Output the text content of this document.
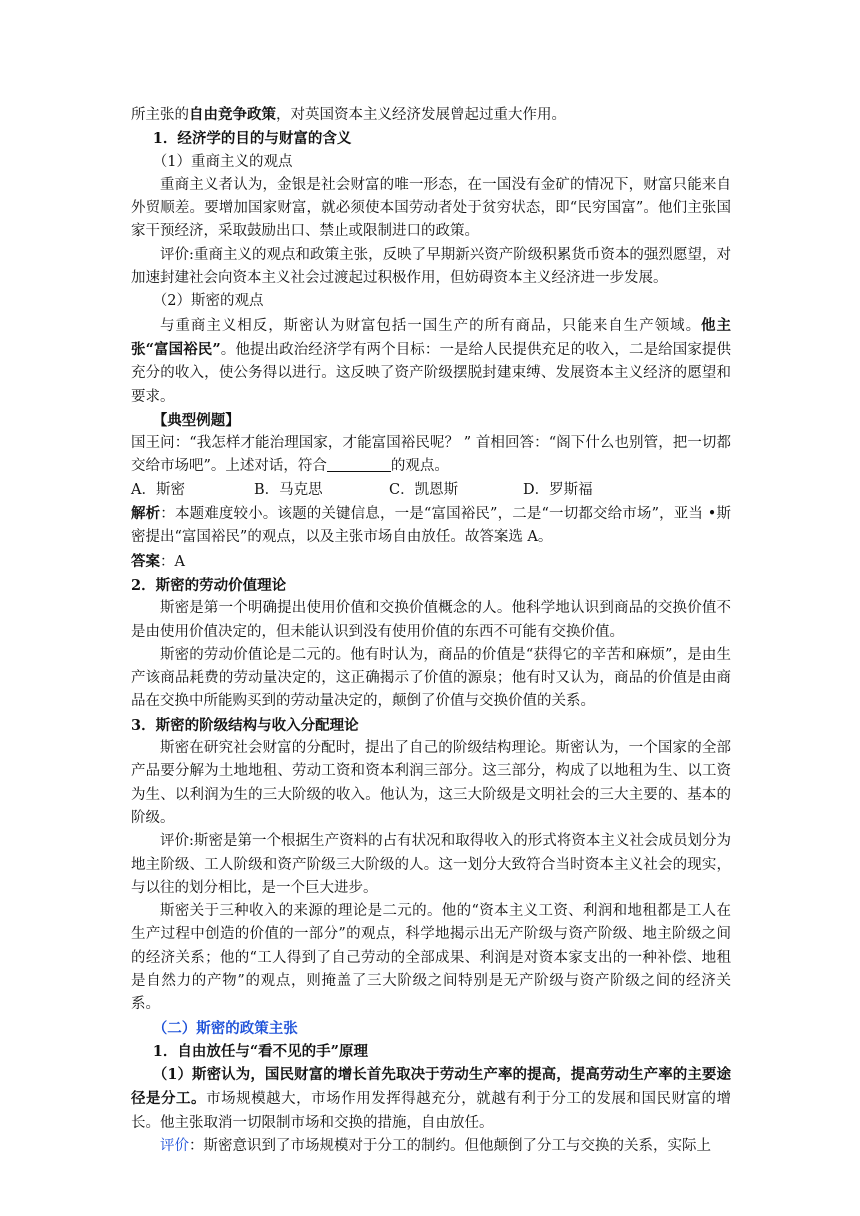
所主张的自由竞争政策，对英国资本主义经济发展曾起过重大作用。

1．经济学的目的与财富的含义

（1）重商主义的观点

重商主义者认为，金银是社会财富的唯一形态，在一国没有金矿的情况下，财富只能来自外贸顺差。要增加国家财富，就必须使本国劳动者处于贫穷状态，即“民穷国富”。他们主张国家干预经济，采取鼓励出口、禁止或限制进口的政策。

评价:重商主义的观点和政策主张，反映了早期新兴资产阶级积累货币资本的强烈愿望，对加速封建社会向资本主义社会过渡起过积极作用，但妨碍资本主义经济进一步发展。

（2）斯密的观点

与重商主义相反，斯密认为财富包括一国生产的所有商品，只能来自生产领域。他主张“富国裕民”。他提出政治经济学有两个目标：一是给人民提供充足的收入，二是给国家提供充分的收入，使公务得以进行。这反映了资产阶级摆脱封建束缚、发展资本主义经济的愿望和要求。

【典型例题】

国王问：“我怎样才能治理国家，才能富国裕民呢？ ” 首相回答：“阁下什么也别管，把一切都交给市场吧”。上述对话，符合	的观点。

A．斯密	B．马克思	C．凯恩斯	D．罗斯福

解析：本题难度较小。该题的关键信息，一是“富国裕民”，二是“一切都交给市场”，亚当 •斯密提出“富国裕民”的观点，以及主张市场自由放任。故答案选 A。

答案：A

2．斯密的劳动价值理论

斯密是第一个明确提出使用价值和交换价值概念的人。他科学地认识到商品的交换价值不是由使用价值决定的，但未能认识到没有使用价值的东西不可能有交换价值。

斯密的劳动价值论是二元的。他有时认为，商品的价值是“获得它的辛苦和麻烦”，是由生产该商品耗费的劳动量决定的，这正确揭示了价值的源泉；他有时又认为，商品的价值是由商品在交换中所能购买到的劳动量决定的，颠倒了价值与交换价值的关系。

3．斯密的阶级结构与收入分配理论

斯密在研究社会财富的分配时，提出了自己的阶级结构理论。斯密认为，一个国家的全部产品要分解为土地地租、劳动工资和资本利润三部分。这三部分，构成了以地租为生、以工资为生、以利润为生的三大阶级的收入。他认为，这三大阶级是文明社会的三大主要的、基本的阶级。

评价:斯密是第一个根据生产资料的占有状况和取得收入的形式将资本主义社会成员划分为地主阶级、工人阶级和资产阶级三大阶级的人。这一划分大致符合当时资本主义社会的现实，与以往的划分相比，是一个巨大进步。

斯密关于三种收入的来源的理论是二元的。他的“资本主义工资、利润和地租都是工人在生产过程中创造的价值的一部分”的观点，科学地揭示出无产阶级与资产阶级、地主阶级之间的经济关系；他的“工人得到了自己劳动的全部成果、利润是对资本家支出的一种补偿、地租是自然力的产物”的观点，则掩盖了三大阶级之间特别是无产阶级与资产阶级之间的经济关系。

（二）斯密的政策主张

1．自由放任与“看不见的手”原理

（1）斯密认为，国民财富的增长首先取决于劳动生产率的提高，提高劳动生产率的主要途径是分工。市场规模越大，市场作用发挥得越充分，就越有利于分工的发展和国民财富的增长。他主张取消一切限制市场和交换的措施，自由放任。

评价：斯密意识到了市场规模对于分工的制约。但他颠倒了分工与交换的关系，实际上
